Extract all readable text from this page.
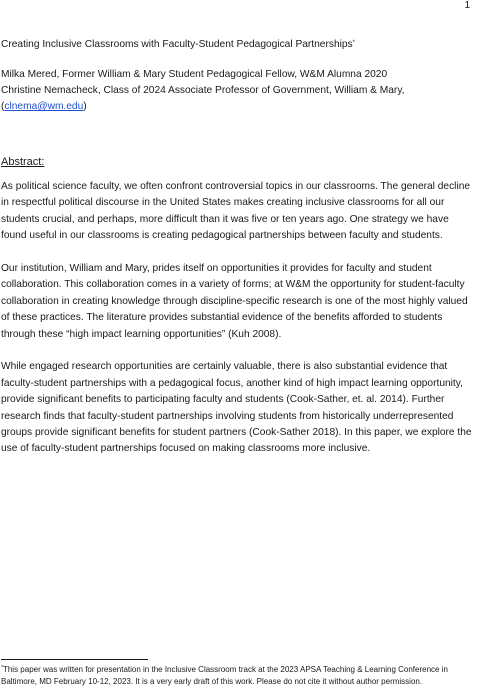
1
Creating Inclusive Classrooms with Faculty-Student Pedagogical Partnerships*
Milka Mered, Former William & Mary Student Pedagogical Fellow, W&M Alumna 2020
Christine Nemacheck, Class of 2024 Associate Professor of Government, William & Mary,
(clnema@wm.edu)
Abstract:

As political science faculty, we often confront controversial topics in our classrooms. The general decline in respectful political discourse in the United States makes creating inclusive classrooms for all our students crucial, and perhaps, more difficult than it was five or ten years ago. One strategy we have found useful in our classrooms is creating pedagogical partnerships between faculty and students.

Our institution, William and Mary, prides itself on opportunities it provides for faculty and student collaboration. This collaboration comes in a variety of forms; at W&M the opportunity for student-faculty collaboration in creating knowledge through discipline-specific research is one of the most highly valued of these practices. The literature provides substantial evidence of the benefits afforded to students through these “high impact learning opportunities” (Kuh 2008).

While engaged research opportunities are certainly valuable, there is also substantial evidence that faculty-student partnerships with a pedagogical focus, another kind of high impact learning opportunity, provide significant benefits to participating faculty and students (Cook-Sather, et. al. 2014). Further research finds that faculty-student partnerships involving students from historically underrepresented groups provide significant benefits for student partners (Cook-Sather 2018). In this paper, we explore the use of faculty-student partnerships focused on making classrooms more inclusive.

*This paper was written for presentation in the Inclusive Classroom track at the 2023 APSA Teaching & Learning Conference in Baltimore, MD February 10-12, 2023. It is a very early draft of this work. Please do not cite it without author permission.
